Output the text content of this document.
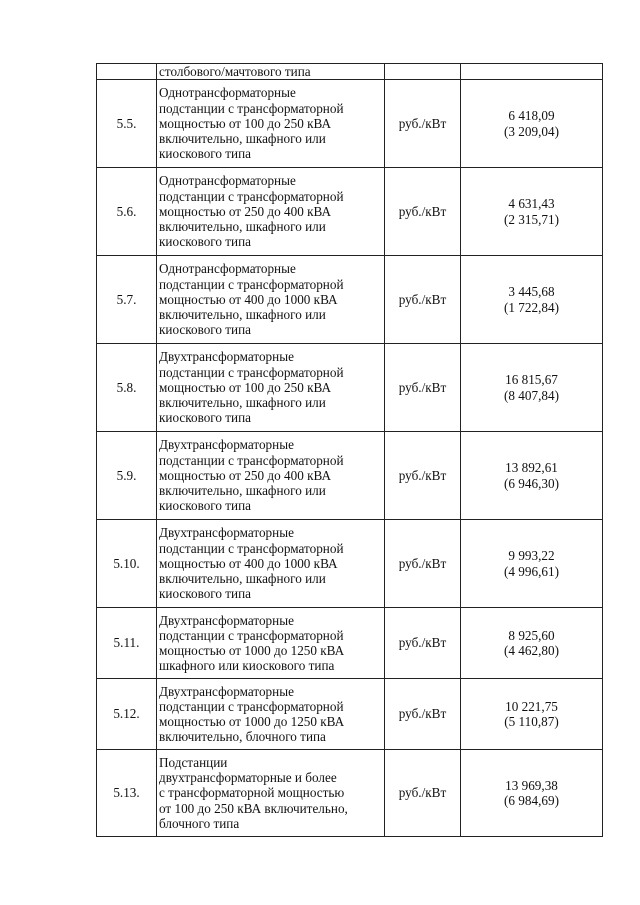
	столбового/мачтового типа		
5.5.	Однотрансформаторные
подстанции с трансформаторной
мощностью от 100 до 250 кВА
включительно, шкафного или
киоскового типа	руб./кВт	6 418,09
(3 209,04)

5.6.	Однотрансформаторные
подстанции с трансформаторной
мощностью от 250 до 400 кВА
включительно, шкафного или
киоскового типа	руб./кВт	4 631,43
(2 315,71)

5.7.	Однотрансформаторные
подстанции с трансформаторной
мощностью от 400 до 1000 кВА
включительно, шкафного или
киоскового типа	руб./кВт	3 445,68
(1 722,84)

5.8.	Двухтрансформаторные
подстанции с трансформаторной
мощностью от 100 до 250 кВА
включительно, шкафного или
киоскового типа	руб./кВт	16 815,67
(8 407,84)

5.9.	Двухтрансформаторные
подстанции с трансформаторной
мощностью от 250 до 400 кВА
включительно, шкафного или
киоскового типа	руб./кВт	13 892,61
(6 946,30)

5.10.	Двухтрансформаторные
подстанции с трансформаторной
мощностью от 400 до 1000 кВА
включительно, шкафного или
киоскового типа	руб./кВт	9 993,22
(4 996,61)

5.11.	Двухтрансформаторные
подстанции с трансформаторной
мощностью от 1000 до 1250 кВА
шкафного или киоскового типа	руб./кВт	8 925,60
(4 462,80)

5.12.	Двухтрансформаторные
подстанции с трансформаторной
мощностью от 1000 до 1250 кВА
включительно, блочного типа	руб./кВт	10 221,75
(5 110,87)

5.13.	Подстанции
двухтрансформаторные и более
с трансформаторной мощностью
от 100 до 250 кВА включительно,
блочного типа	руб./кВт	13 969,38
(6 984,69)
